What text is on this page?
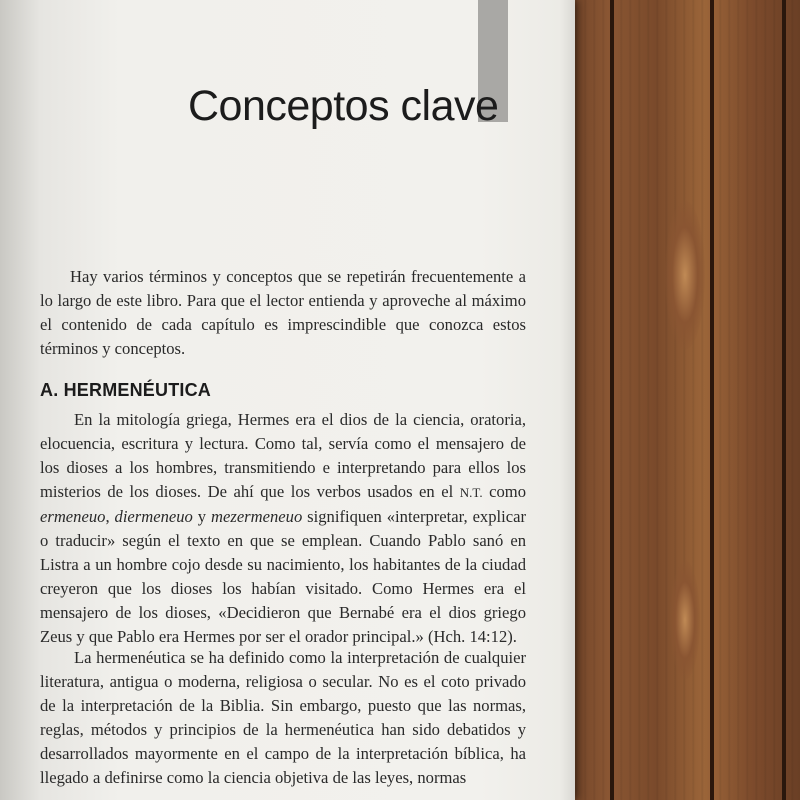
Conceptos clave
Hay varios términos y conceptos que se repetirán frecuentemente a lo largo de este libro. Para que el lector entienda y aproveche al máximo el contenido de cada capítulo es imprescindible que conozca estos términos y conceptos.
A. HERMENÉUTICA
En la mitología griega, Hermes era el dios de la ciencia, oratoria, elocuencia, escritura y lectura. Como tal, servía como el mensajero de los dioses a los hombres, transmitiendo e interpretando para ellos los misterios de los dioses. De ahí que los verbos usados en el N.T. como ermeneuo, diermeneuo y mezermeneuo signifiquen «interpretar, explicar o traducir» según el texto en que se emplean. Cuando Pablo sanó en Listra a un hombre cojo desde su nacimiento, los habitantes de la ciudad creyeron que los dioses los habían visitado. Como Hermes era el mensajero de los dioses, «Decidieron que Bernabé era el dios griego Zeus y que Pablo era Hermes por ser el orador principal.» (Hch. 14:12).
La hermenéutica se ha definido como la interpretación de cualquier literatura, antigua o moderna, religiosa o secular. No es el coto privado de la interpretación de la Biblia. Sin embargo, puesto que las normas, reglas, métodos y principios de la hermenéutica han sido debatidos y desarrollados mayormente en el campo de la interpretación bíblica, ha llegado a definirse como la ciencia objetiva de las leyes, normas
